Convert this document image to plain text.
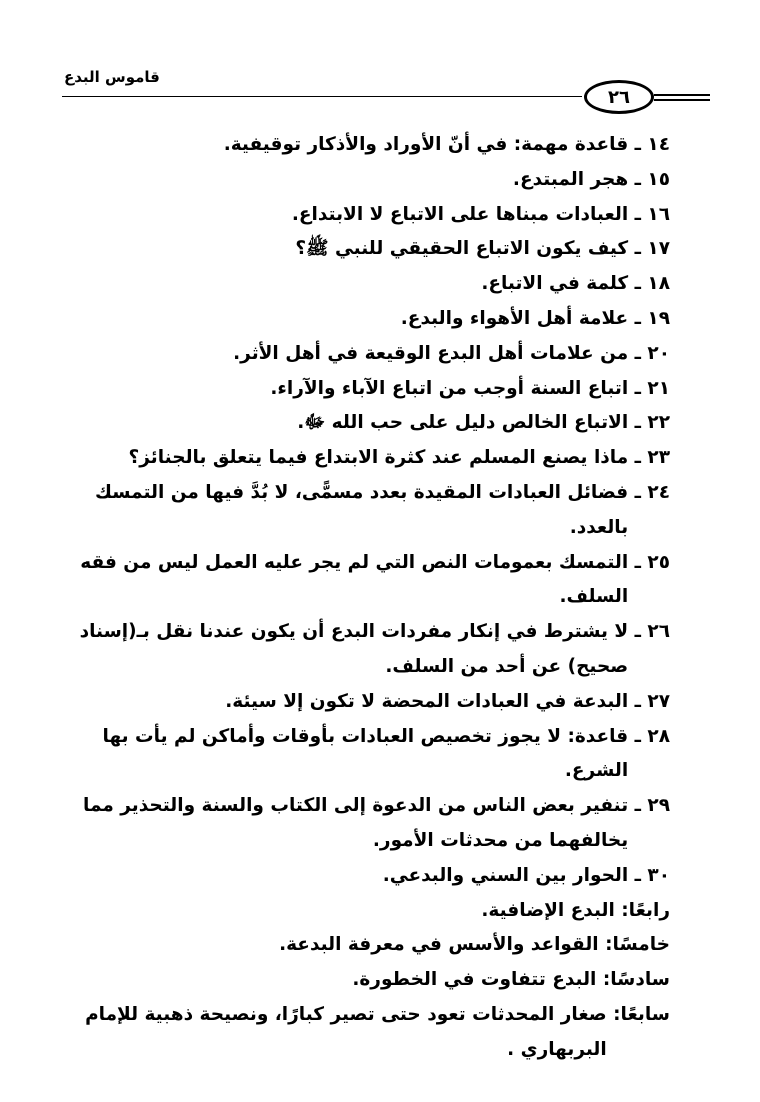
قاموس البدع
٢٦
١٤ ـ

قاعدة مهمة: في أنّ الأوراد والأذكار توقيفية.
١٥ ـ

هجر المبتدع.
١٦ ـ

العبادات مبناها على الاتباع لا الابتداع.
١٧ ـ

كيف يكون الاتباع الحقيقي للنبي ﷺ؟
١٨ ـ

كلمة في الاتباع.
١٩ ـ

علامة أهل الأهواء والبدع.
٢٠ ـ

من علامات أهل البدع الوقيعة في أهل الأثر.
٢١ ـ

اتباع السنة أوجب من اتباع الآباء والآراء.
٢٢ ـ

الاتباع الخالص دليل على حب الله ﷻ.
٢٣ ـ

ماذا يصنع المسلم عند كثرة الابتداع فيما يتعلق بالجنائز؟
٢٤ ـ

فضائل العبادات المقيدة بعدد مسمًّى، لا بُدَّ فيها من التمسك بالعدد.
٢٥ ـ

التمسك بعمومات النص التي لم يجر عليه العمل ليس من فقه السلف.
٢٦ ـ

لا يشترط في إنكار مفردات البدع أن يكون عندنا نقل بـ(إسناد صحيح) عن أحد من السلف.
٢٧ ـ

البدعة في العبادات المحضة لا تكون إلا سيئة.
٢٨ ـ

قاعدة: لا يجوز تخصيص العبادات بأوقات وأماكن لم يأت بها الشرع.
٢٩ ـ

تنفير بعض الناس من الدعوة إلى الكتاب والسنة والتحذير مما يخالفهما من محدثات الأمور.
٣٠ ـ

الحوار بين السني والبدعي.
رابعًا:

البدع الإضافية.
خامسًا:

القواعد والأسس في معرفة البدعة.
سادسًا:

البدع تتفاوت في الخطورة.
سابعًا:

صغار المحدثات تعود حتى تصير كبارًا، ونصيحة ذهبية للإمام البربهاري .
